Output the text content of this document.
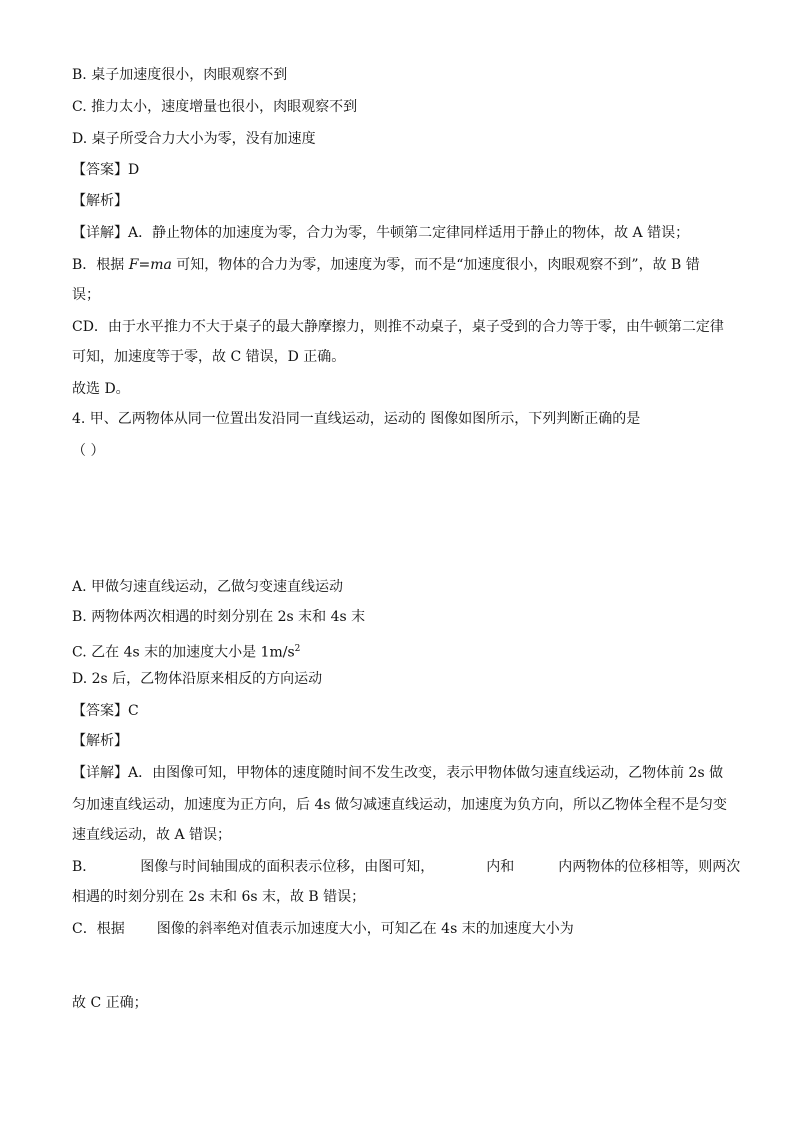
B. 桌子加速度很小，肉眼观察不到
C. 推力太小，速度增量也很小，肉眼观察不到
D. 桌子所受合力大小为零，没有加速度
【答案】D
【解析】
【详解】A．静止物体的加速度为零，合力为零，牛顿第二定律同样适用于静止的物体，故 A 错误；
B．根据 F=ma 可知，物体的合力为零，加速度为零，而不是“加速度很小，肉眼观察不到”，故 B 错
误；
CD．由于水平推力不大于桌子的最大静摩擦力，则推不动桌子，桌子受到的合力等于零，由牛顿第二定律
可知，加速度等于零，故 C 错误，D 正确。
故选 D。
4. 甲、乙两物体从同一位置出发沿同一直线运动，运动的 图像如图所示，下列判断正确的是
（ ）
A. 甲做匀速直线运动，乙做匀变速直线运动
B. 两物体两次相遇的时刻分别在 2s 末和 4s 末
C. 乙在 4s 末的加速度大小是 $1m/s^2$
D. 2s 后，乙物体沿原来相反的方向运动
【答案】C
【解析】
【详解】A．由图像可知，甲物体的速度随时间不发生改变，表示甲物体做匀速直线运动，乙物体前 2s 做
匀加速直线运动，加速度为正方向，后 4s 做匀减速直线运动，加速度为负方向，所以乙物体全程不是匀变
速直线运动，故 A 错误；
B．	图像与时间轴围成的面积表示位移，由图可知，	内和	内两物体的位移相等，则两次
相遇的时刻分别在 2s 末和 6s 末，故 B 错误；
C．根据 图像的斜率绝对值表示加速度大小，可知乙在 4s 末的加速度大小为
故 C 正确；
